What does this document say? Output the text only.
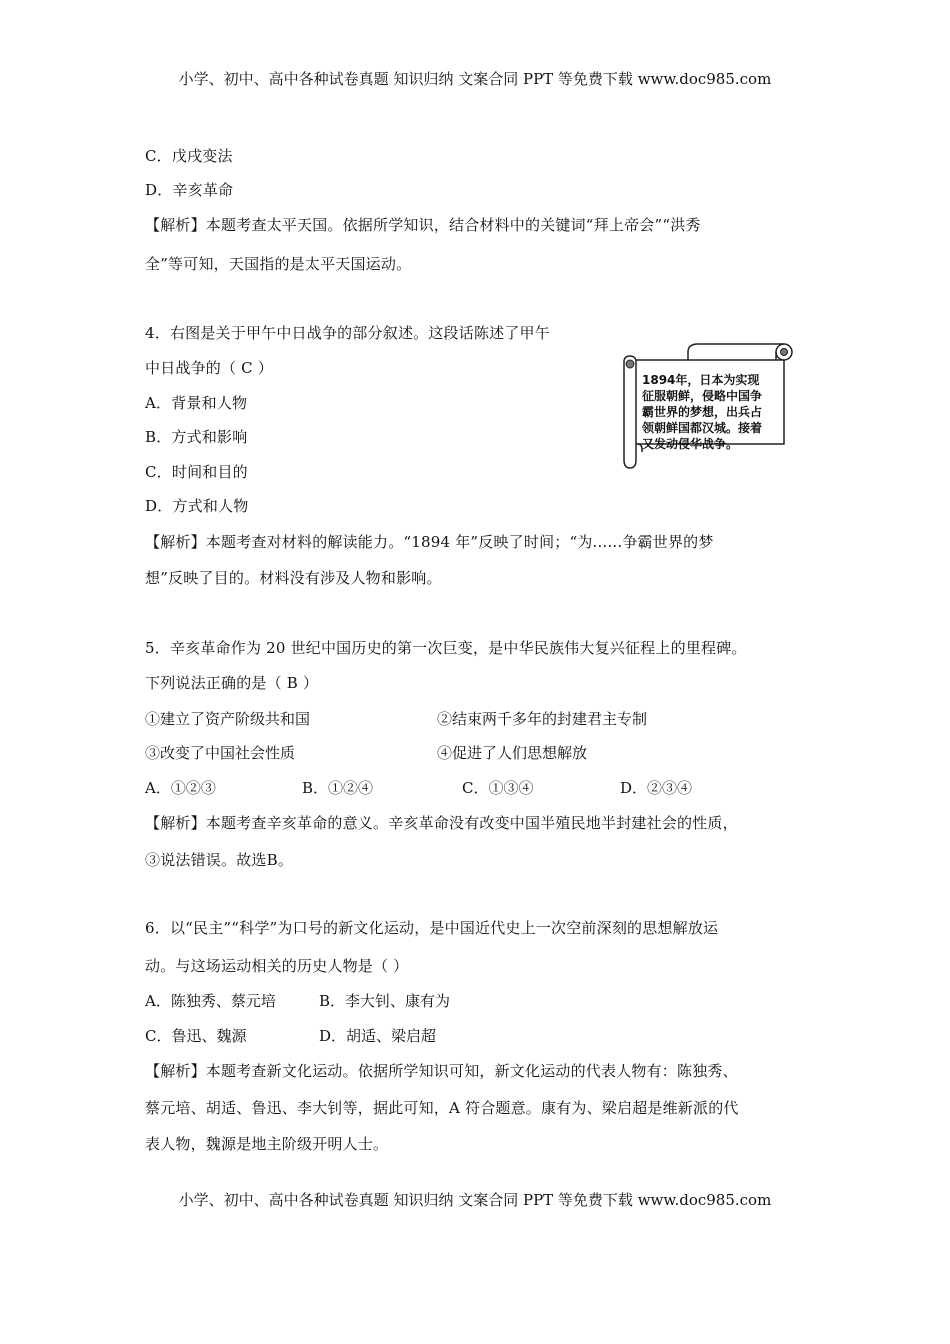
小学、初中、高中各种试卷真题 知识归纳 文案合同 PPT 等免费下载 www.doc985.com
C．戊戌变法
D．辛亥革命
【解析】本题考查太平天国。依据所学知识，结合材料中的关键词“拜上帝会”“洪秀
全”等可知，天国指的是太平天国运动。
4．右图是关于甲午中日战争的部分叙述。这段话陈述了甲午
中日战争的（ C ）
A．背景和人物
B．方式和影响
C．时间和目的
D．方式和人物
【解析】本题考查对材料的解读能力。“1894 年”反映了时间；“为......争霸世界的梦
想”反映了目的。材料没有涉及人物和影响。
1894年，日本为实现征服朝鲜，侵略中国争霸世界的梦想，出兵占领朝鲜国都汉城。接着又发动侵华战争。
5．辛亥革命作为 20 世纪中国历史的第一次巨变，是中华民族伟大复兴征程上的里程碑。
下列说法正确的是（ B ）
①建立了资产阶级共和国	②结束两千多年的封建君主专制
③改变了中国社会性质	④促进了人们思想解放
A．①②③	B．①②④	C．①③④	D．②③④
【解析】本题考查辛亥革命的意义。辛亥革命没有改变中国半殖民地半封建社会的性质，
③说法错误。故选B。
6．以“民主”“科学”为口号的新文化运动，是中国近代史上一次空前深刻的思想解放运
动。与这场运动相关的历史人物是（ ）
A．陈独秀、蔡元培	B．李大钊、康有为
C．鲁迅、魏源	D．胡适、梁启超
【解析】本题考查新文化运动。依据所学知识可知，新文化运动的代表人物有：陈独秀、
蔡元培、胡适、鲁迅、李大钊等，据此可知，A 符合题意。康有为、梁启超是维新派的代
表人物，魏源是地主阶级开明人士。
小学、初中、高中各种试卷真题 知识归纳 文案合同 PPT 等免费下载 www.doc985.com
